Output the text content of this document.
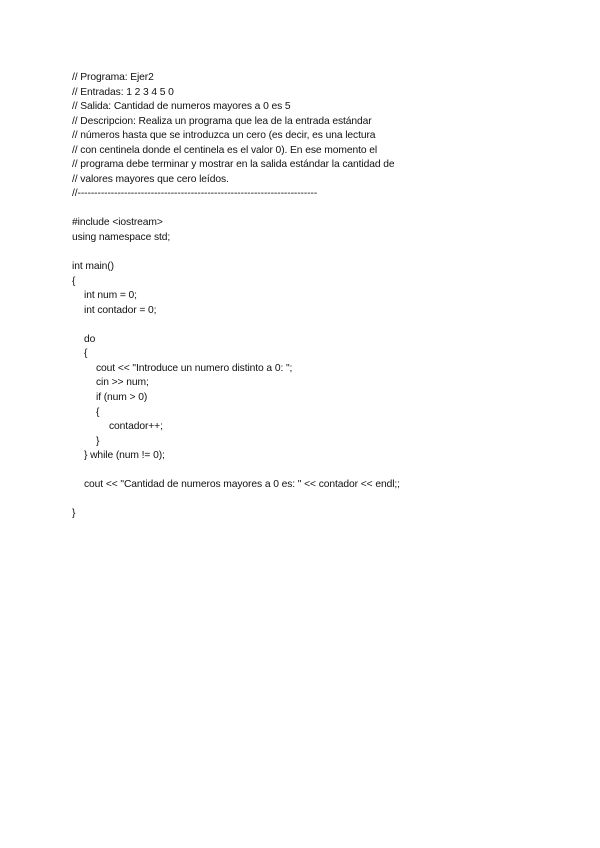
// Programa: Ejer2
// Entradas: 1 2 3 4 5 0
// Salida: Cantidad de numeros mayores a 0 es 5
// Descripcion: Realiza un programa que lea de la entrada estándar
// números hasta que se introduzca un cero (es decir, es una lectura
// con centinela donde el centinela es el valor 0). En ese momento el
// programa debe terminar y mostrar en la salida estándar la cantidad de
// valores mayores que cero leídos.
//------------------------------------------------------------------------
#include <iostream>
using namespace std;
int main()
{
int num = 0;
int contador = 0;
do
{
cout << "Introduce un numero distinto a 0: ";
cin >> num;
if (num > 0)
{
contador++;
}
} while (num != 0);
cout << "Cantidad de numeros mayores a 0 es: " << contador << endl;;
}
